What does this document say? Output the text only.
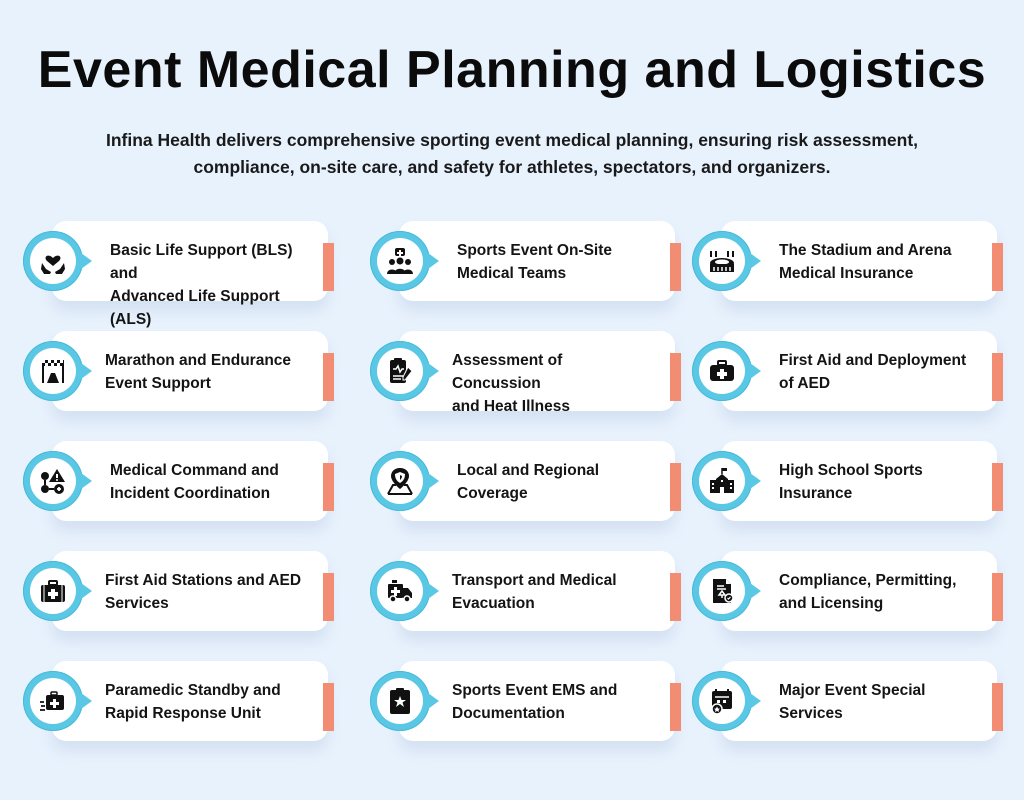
Event Medical Planning and Logistics
Infina Health delivers comprehensive sporting event medical planning, ensuring risk assessment,
compliance, on-site care, and safety for athletes, spectators, and organizers.
Basic Life Support (BLS) and
Advanced Life Support (ALS)
Sports Event On-Site
Medical Teams
The Stadium and Arena
Medical Insurance
Marathon and Endurance
Event Support
Assessment of Concussion
and Heat Illness
First Aid and Deployment
of AED
Medical Command and
Incident Coordination
Local and Regional
Coverage
High School Sports
Insurance
First Aid Stations and AED
Services
Transport and Medical
Evacuation
Compliance, Permitting,
and Licensing
Paramedic Standby and
Rapid Response Unit
Sports Event EMS and
Documentation
Major Event Special
Services
